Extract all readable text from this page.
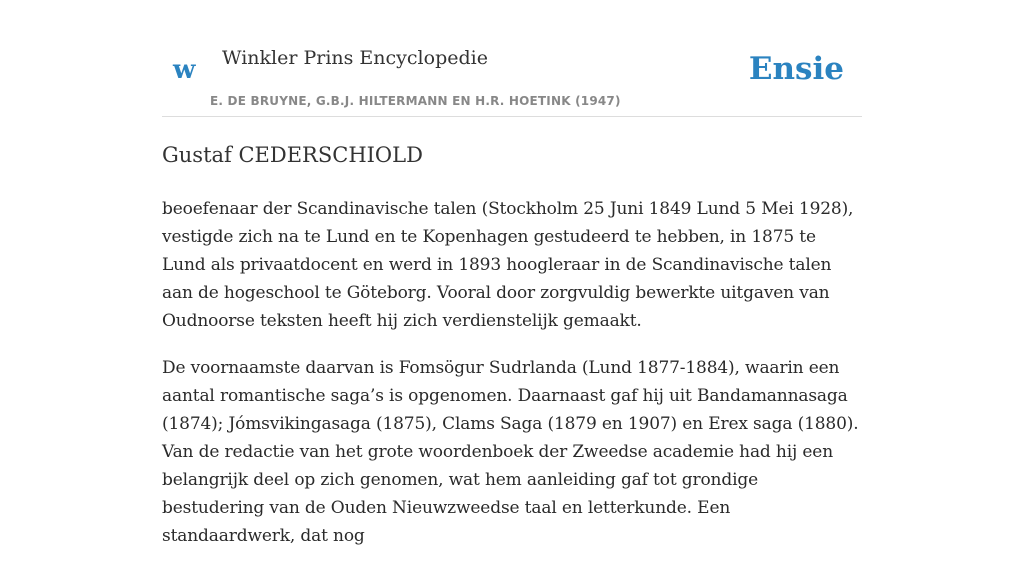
w Winkler Prins Encyclopedie
E. DE BRUYNE, G.B.J. HILTERMANN EN H.R. HOETINK (1947)
Ensie
Gustaf CEDERSCHIOLD

beoefenaar der Scandinavische talen (Stockholm 25 Juni 1849 Lund 5 Mei 1928), vestigde zich na te Lund en te Kopenhagen gestudeerd te hebben, in 1875 te Lund als privaatdocent en werd in 1893 hoogleraar in de Scandinavische talen aan de hogeschool te Göteborg. Vooral door zorgvuldig bewerkte uitgaven van Oudnoorse teksten heeft hij zich verdienstelijk gemaakt.

De voornaamste daarvan is Fomsögur Sudrlanda (Lund 1877-1884), waarin een aantal romantische saga’s is opgenomen. Daarnaast gaf hij uit Bandamannasaga (1874); Jómsvikingasaga (1875), Clams Saga (1879 en 1907) en Erex saga (1880). Van de redactie van het grote woordenboek der Zweedse academie had hij een belangrijk deel op zich genomen, wat hem aanleiding gaf tot grondige bestudering van de Ouden Nieuwzweedse taal en letterkunde. Een standaardwerk, dat nog
